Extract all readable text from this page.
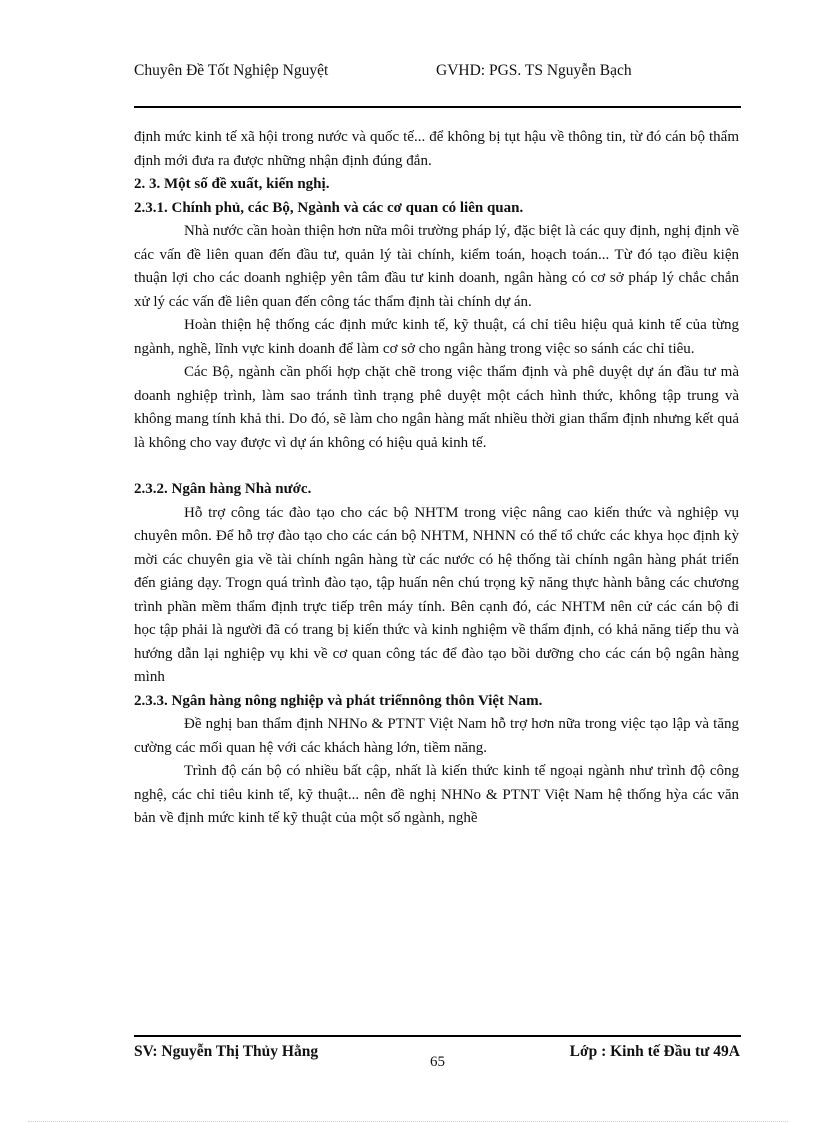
Chuyên Đề Tốt Nghiệp Nguyệt	GVHD: PGS. TS Nguyễn Bạch

định mức kinh tế xã hội trong nước và quốc tế... để không bị tụt hậu về thông tin, từ đó cán bộ thẩm định mới đưa ra được những nhận định đúng đắn.

2. 3. Một số đề xuất, kiến nghị.

2.3.1. Chính phủ, các Bộ, Ngành và các cơ quan có liên quan.

Nhà nước cần hoàn thiện hơn nữa môi trường pháp lý, đặc biệt là các quy định, nghị định về các vấn đề liên quan đến đầu tư, quản lý tài chính, kiểm toán, hoạch toán... Từ đó tạo điều kiện thuận lợi cho các doanh nghiệp yên tâm đầu tư kinh doanh, ngân hàng có cơ sở pháp lý chắc chắn xử lý các vấn đề liên quan đến công tác thẩm định tài chính dự án.

Hoàn thiện hệ thống các định mức kinh tế, kỹ thuật, cá chỉ tiêu hiệu quả kinh tế của từng ngành, nghề, lĩnh vực kinh doanh để làm cơ sở cho ngân hàng trong việc so sánh các chỉ tiêu.

Các Bộ, ngành cần phối hợp chặt chẽ trong việc thẩm định và phê duyệt dự án đầu tư mà doanh nghiệp trình, làm sao tránh tình trạng phê duyệt một cách hình thức, không tập trung và không mang tính khả thi. Do đó, sẽ làm cho ngân hàng mất nhiều thời gian thẩm định nhưng kết quả là không cho vay được vì dự án không có hiệu quả kinh tế.

2.3.2. Ngân hàng Nhà nước.

Hỗ trợ công tác đào tạo cho các bộ NHTM trong việc nâng cao kiến thức và nghiệp vụ chuyên môn. Để hỗ trợ đào tạo cho các cán bộ NHTM, NHNN có thể tổ chức các khya học định kỳ mời các chuyên gia về tài chính ngân hàng từ các nước có hệ thống tài chính ngân hàng phát triển đến giảng dạy. Trogn quá trình đào tạo, tập huấn nên chú trọng kỹ năng thực hành bằng các chương trình phần mềm thẩm định trực tiếp trên máy tính. Bên cạnh đó, các NHTM nên cử các cán bộ đi học tập phải là người đã có trang bị kiến thức và kinh nghiệm về thẩm định, có khả năng tiếp thu và hướng dẫn lại nghiệp vụ khi về cơ quan công tác để đào tạo bồi dưỡng cho các cán bộ ngân hàng mình

2.3.3. Ngân hàng nông nghiệp và phát triểnnông thôn Việt Nam.

Đề nghị ban thẩm định NHNo & PTNT Việt Nam hỗ trợ hơn nữa trong việc tạo lập và tăng cường các mối quan hệ với các khách hàng lớn, tiềm năng.

Trình độ cán bộ có nhiều bất cập, nhất là kiến thức kinh tế ngoại ngành như trình độ công nghệ, các chỉ tiêu kinh tế, kỹ thuật... nên đề nghị NHNo & PTNT Việt Nam hệ thống hỳa các văn bản về định mức kinh tế kỹ thuật của một số ngành, nghề

SV: Nguyễn Thị Thủy Hằng
65
Lớp : Kinh tế Đầu tư 49A
